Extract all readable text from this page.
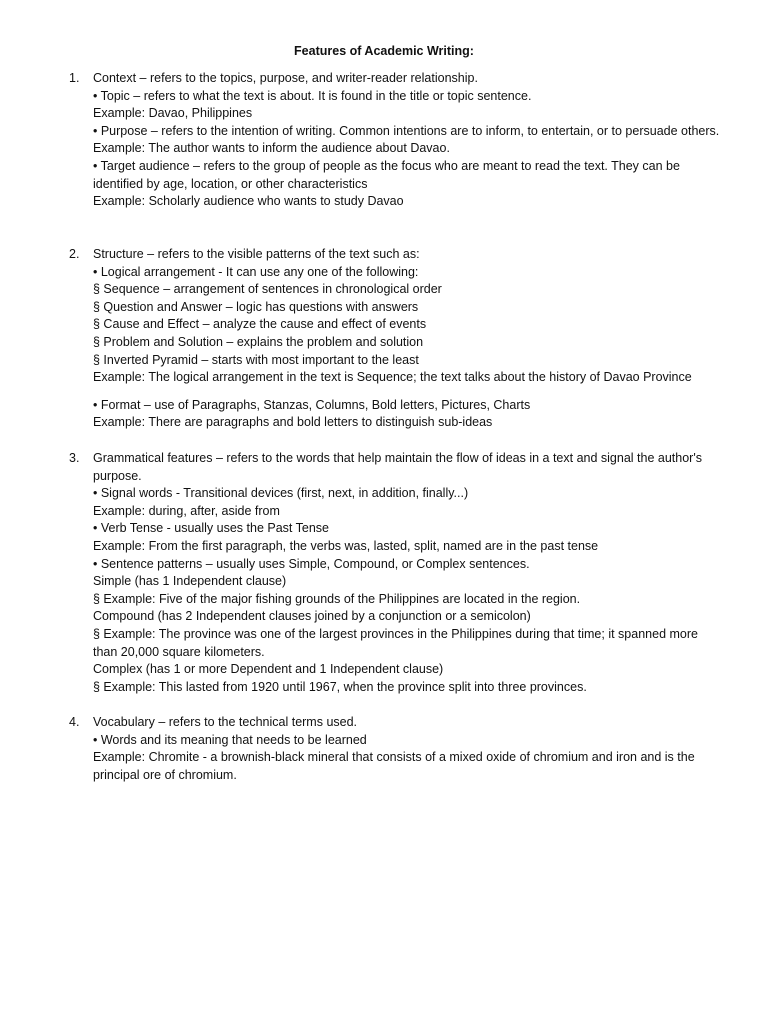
Features of Academic Writing:
1. Context – refers to the topics, purpose, and writer-reader relationship.
• Topic – refers to what the text is about. It is found in the title or topic sentence.
Example: Davao, Philippines
• Purpose – refers to the intention of writing. Common intentions are to inform, to entertain, or to persuade others.
Example: The author wants to inform the audience about Davao.
• Target audience – refers to the group of people as the focus who are meant to read the text. They can be identified by age, location, or other characteristics
Example: Scholarly audience who wants to study Davao
2. Structure – refers to the visible patterns of the text such as:
• Logical arrangement - It can use any one of the following:
§ Sequence – arrangement of sentences in chronological order
§ Question and Answer – logic has questions with answers
§ Cause and Effect – analyze the cause and effect of events
§ Problem and Solution – explains the problem and solution
§ Inverted Pyramid – starts with most important to the least
Example: The logical arrangement in the text is Sequence; the text talks about the history of Davao Province
• Format – use of Paragraphs, Stanzas, Columns, Bold letters, Pictures, Charts
Example: There are paragraphs and bold letters to distinguish sub-ideas
3. Grammatical features – refers to the words that help maintain the flow of ideas in a text and signal the author's purpose.
• Signal words - Transitional devices (first, next, in addition, finally...)
Example: during, after, aside from
• Verb Tense - usually uses the Past Tense
Example: From the first paragraph, the verbs was, lasted, split, named are in the past tense
• Sentence patterns – usually uses Simple, Compound, or Complex sentences.
Simple (has 1 Independent clause)
§ Example: Five of the major fishing grounds of the Philippines are located in the region.
Compound (has 2 Independent clauses joined by a conjunction or a semicolon)
§ Example: The province was one of the largest provinces in the Philippines during that time; it spanned more than 20,000 square kilometers.
Complex (has 1 or more Dependent and 1 Independent clause)
§ Example: This lasted from 1920 until 1967, when the province split into three provinces.
4. Vocabulary – refers to the technical terms used.
• Words and its meaning that needs to be learned
Example: Chromite - a brownish-black mineral that consists of a mixed oxide of chromium and iron and is the principal ore of chromium.
